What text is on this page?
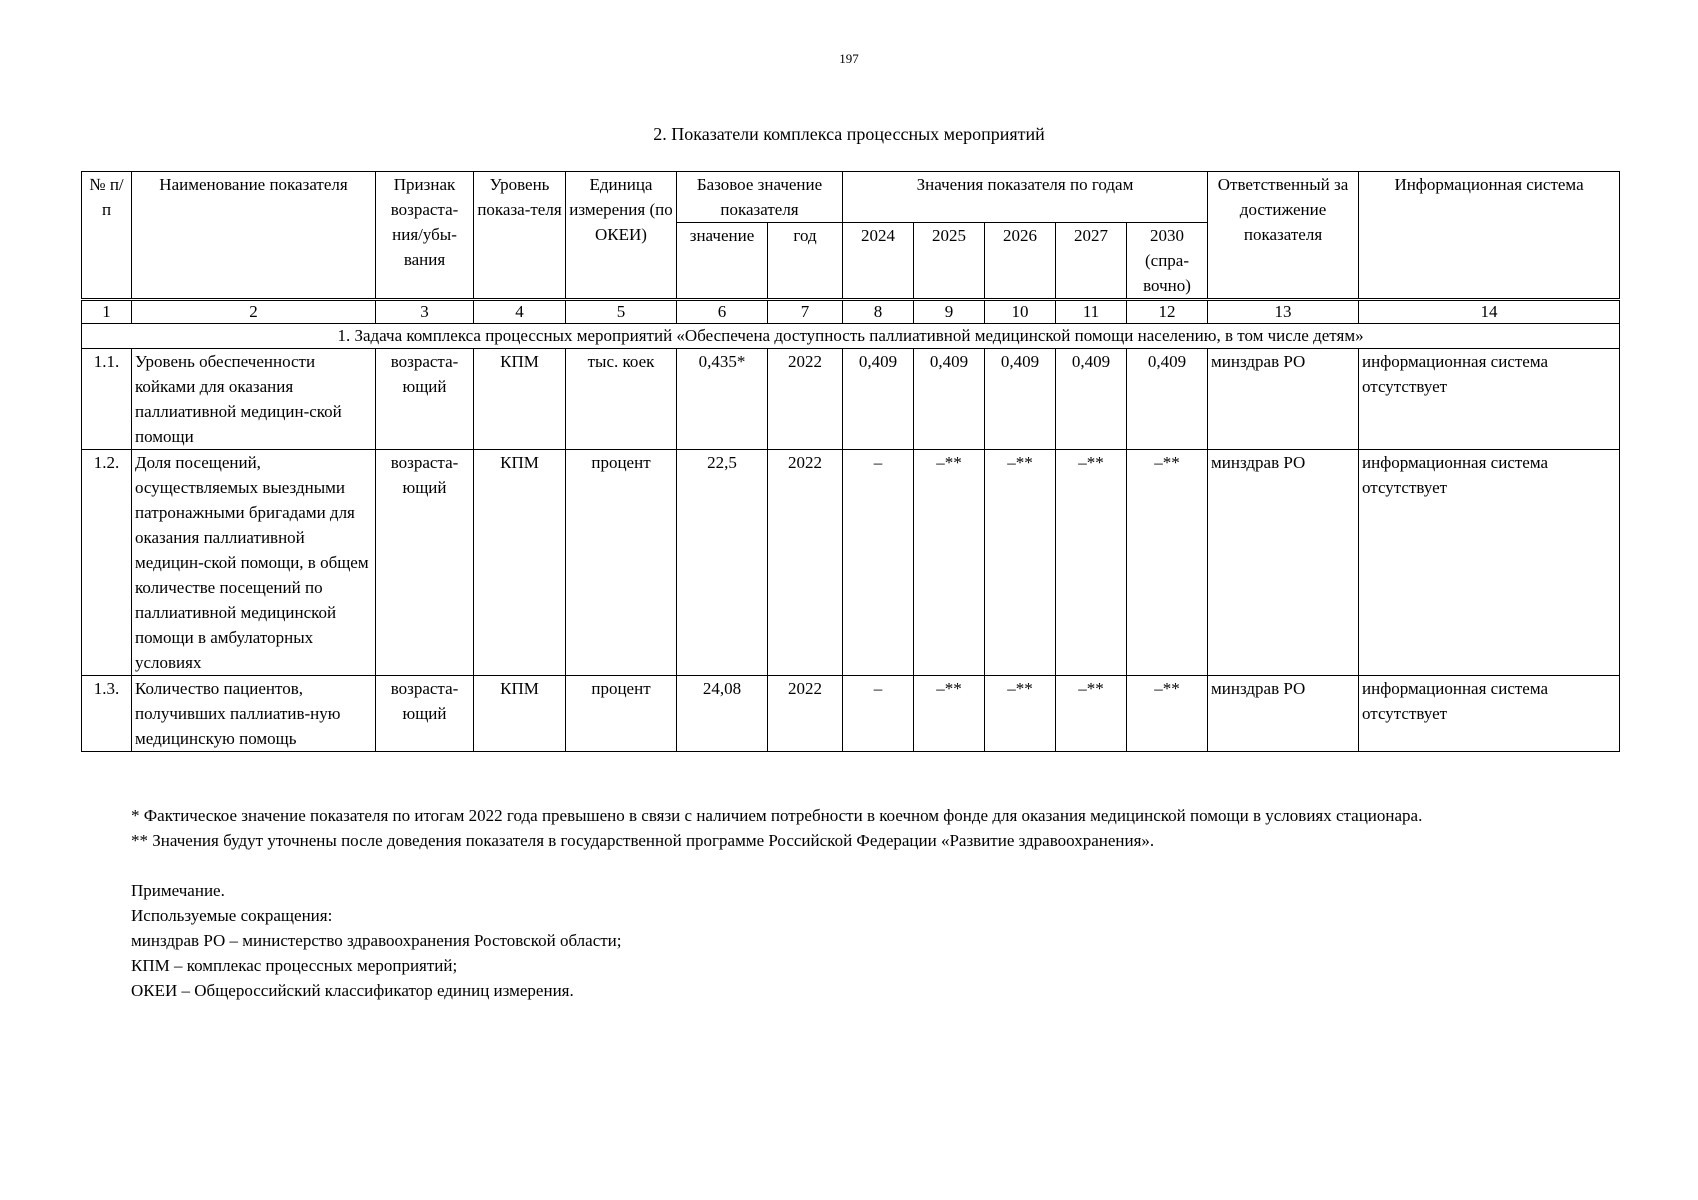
197
2. Показатели комплекса процессных мероприятий
№ п/п	Наименование показателя	Признак возраста-ния/убы-вания	Уровень показа-теля	Единица измерения (по ОКЕИ)	Базовое значение показателя		Значения показателя по годам					Ответственный за достижение показателя	Информационная система

					значение	год	2024	2025	2026	2027	2030 (спра-вочно)		
1	2	3	4	5	6	7	8	9	10	11	12	13	14
1. Задача комплекса процессных мероприятий «Обеспечена доступность паллиативной медицинской помощи населению, в том числе детям»													
1.1.	Уровень обеспеченности койками для оказания паллиативной медицин-ской помощи	возраста-ющий	КПМ	тыс. коек	0,435*	2022	0,409	0,409	0,409	0,409	0,409	минздрав РО	информационная система отсутствует
1.2.	Доля посещений, осуществляемых выездными патронажными бригадами для оказания паллиативной медицин-ской помощи, в общем количестве посещений по паллиативной медицинской помощи в амбулаторных условиях	возраста-ющий	КПМ	процент	22,5	2022	–	–**	–**	–**	–**	минздрав РО	информационная система отсутствует
1.3.	Количество пациентов, получивших паллиатив-ную медицинскую помощь	возраста-ющий	КПМ	процент	24,08	2022	–	–**	–**	–**	–**	минздрав РО	информационная система отсутствует

* Фактическое значение показателя по итогам 2022 года превышено в связи с наличием потребности в коечном фонде для оказания медицинской помощи в условиях стационара.

** Значения будут уточнены после доведения показателя в государственной программе Российской Федерации «Развитие здравоохранения».

Примечание.

Используемые сокращения:

минздрав РО – министерство здравоохранения Ростовской области;

КПМ – комплекас процессных мероприятий;

ОКЕИ – Общероссийский классификатор единиц измерения.
